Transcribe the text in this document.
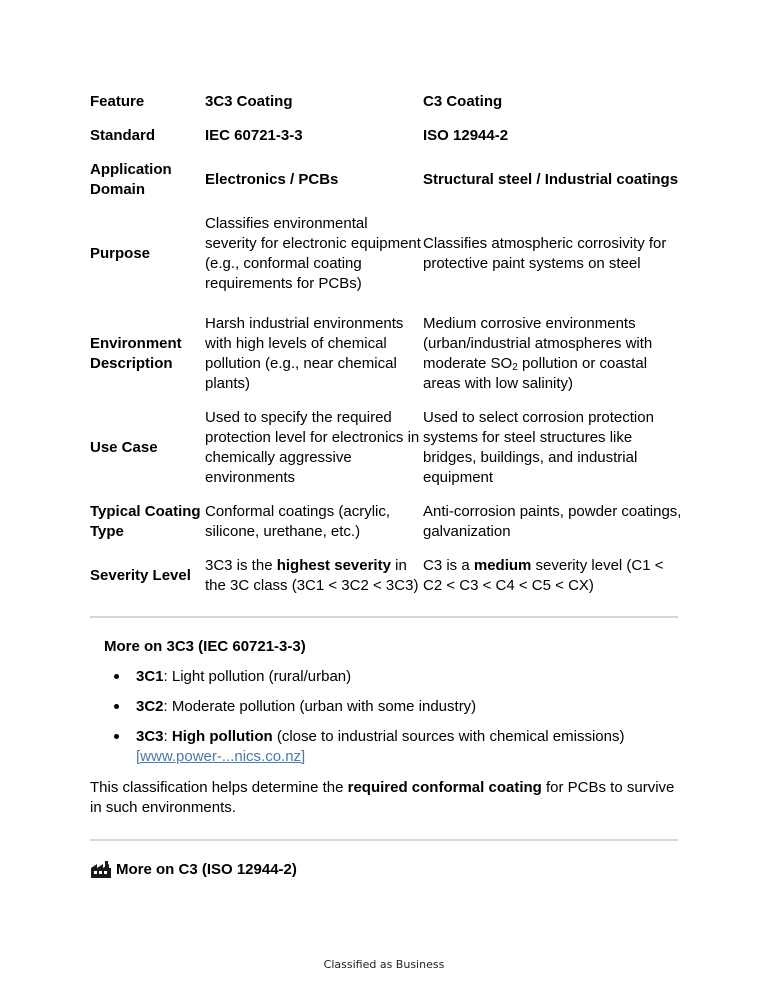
Feature	3C3 Coating	C3 Coating
Standard	IEC 60721-3-3	ISO 12944-2
Application Domain	Electronics / PCBs	Structural steel / Industrial coatings
Purpose	Classifies environmental severity for electronic equipment (e.g., conformal coating requirements for PCBs)	Classifies atmospheric corrosivity for protective paint systems on steel
Environment Description	Harsh industrial environments with high levels of chemical pollution (e.g., near chemical plants)	Medium corrosive environments (urban/industrial atmospheres with moderate $SO_2$ pollution or coastal areas with low salinity)
Use Case	Used to specify the required protection level for electronics in chemically aggressive environments	Used to select corrosion protection systems for steel structures like bridges, buildings, and industrial equipment
Typical Coating Type	Conformal coatings (acrylic, silicone, urethane, etc.)	Anti-corrosion paints, powder coatings, galvanization
Severity Level	3C3 is the highest severity in the 3C class (3C1 < 3C2 < 3C3)	C3 is a medium severity level (C1 < C2 < C3 < C4 < C5 < CX)
More on 3C3 (IEC 60721-3-3)
3C1: Light pollution (rural/urban)
3C2: Moderate pollution (urban with some industry)
3C3: High pollution (close to industrial sources with chemical emissions) [www.power-...nics.co.nz]
This classification helps determine the required conformal coating for PCBs to survive in such environments.
More on C3 (ISO 12944-2)
Classified as Business
